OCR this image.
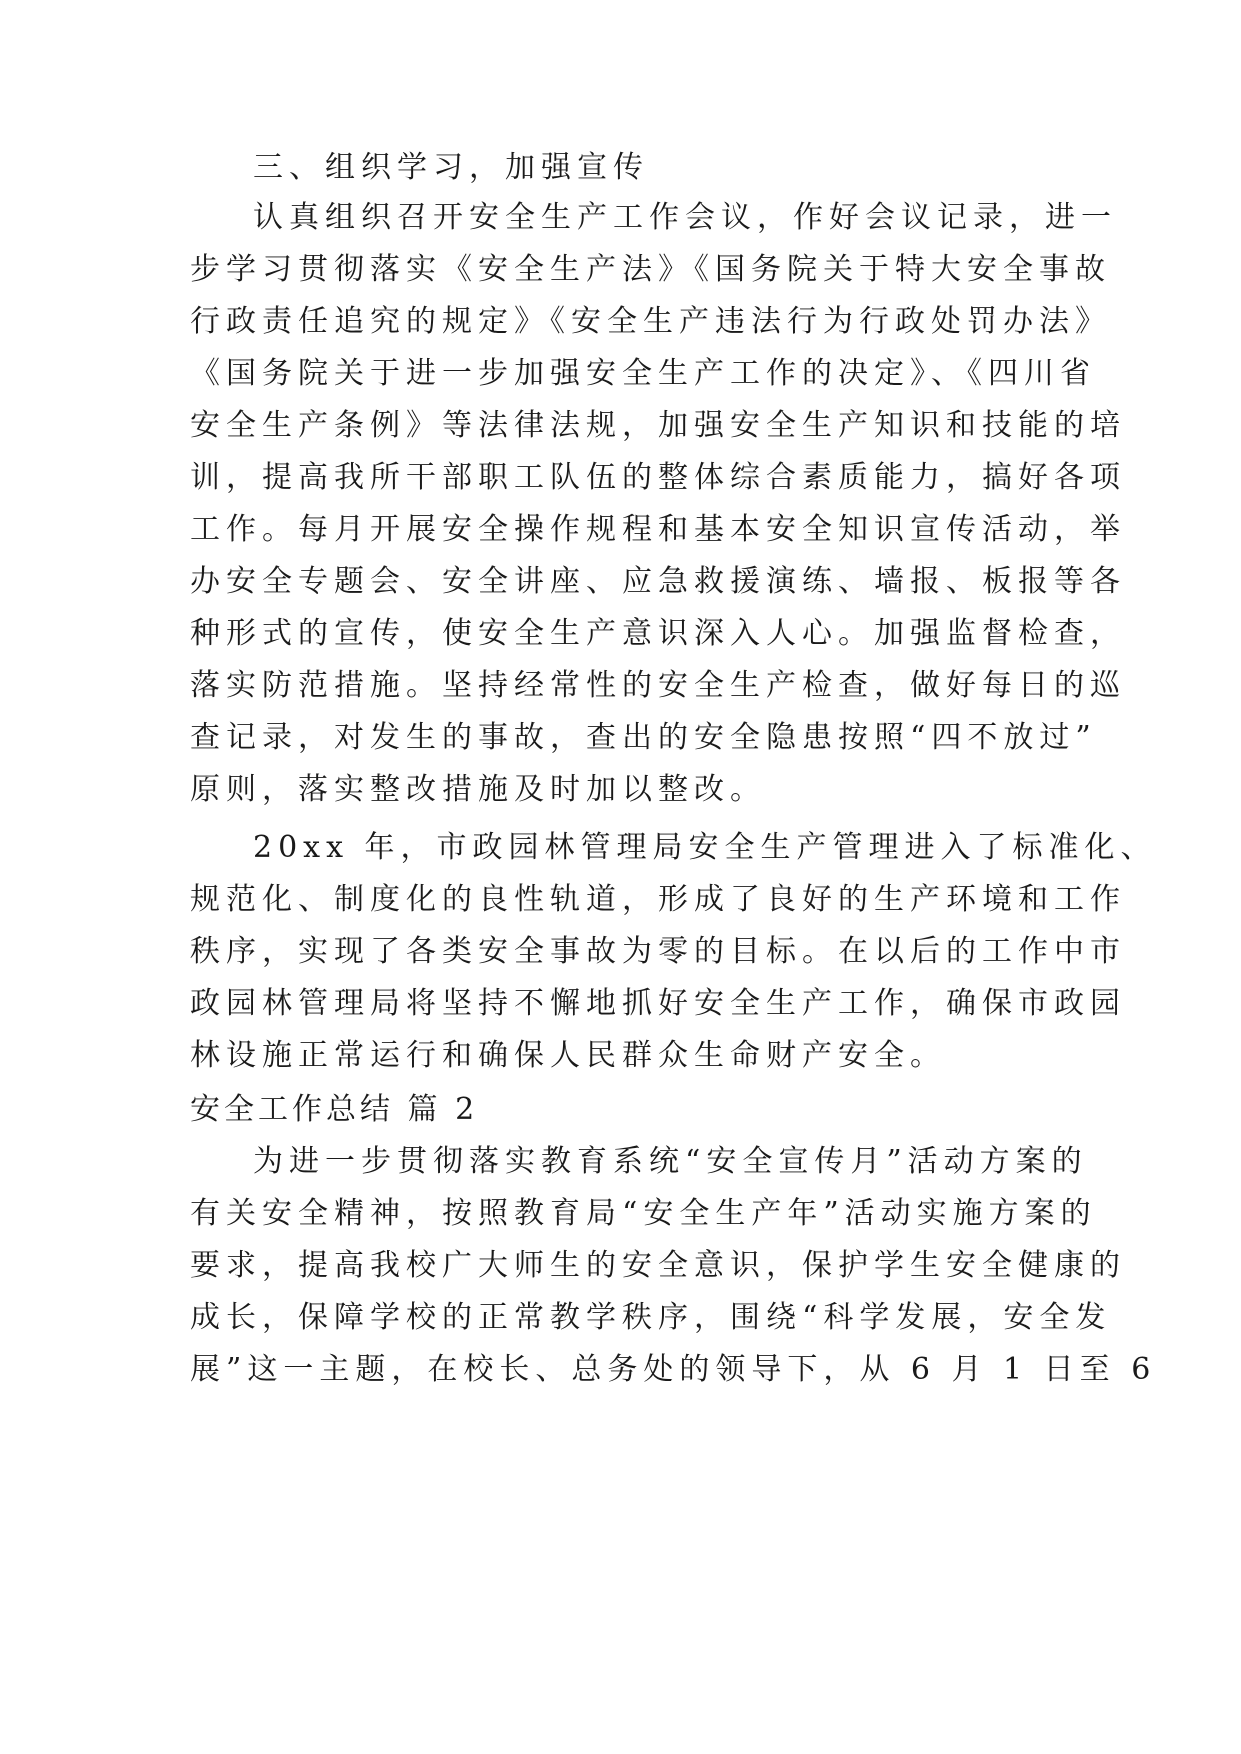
三、组织学习，加强宣传
认真组织召开安全生产工作会议，作好会议记录，进一
步学习贯彻落实《安全生产法》《国务院关于特大安全事故
行政责任追究的规定》《安全生产违法行为行政处罚办法》
《国务院关于进一步加强安全生产工作的决定》、《四川省
安全生产条例》等法律法规，加强安全生产知识和技能的培
训，提高我所干部职工队伍的整体综合素质能力，搞好各项
工作。每月开展安全操作规程和基本安全知识宣传活动，举
办安全专题会、安全讲座、应急救援演练、墙报、板报等各
种形式的宣传，使安全生产意识深入人心。加强监督检查，
落实防范措施。坚持经常性的安全生产检查，做好每日的巡
查记录，对发生的事故，查出的安全隐患按照“四不放过”
原则，落实整改措施及时加以整改。
20xx 年，市政园林管理局安全生产管理进入了标准化、
规范化、制度化的良性轨道，形成了良好的生产环境和工作
秩序，实现了各类安全事故为零的目标。在以后的工作中市
政园林管理局将坚持不懈地抓好安全生产工作，确保市政园
林设施正常运行和确保人民群众生命财产安全。
安全工作总结 篇 2
为进一步贯彻落实教育系统“安全宣传月”活动方案的
有关安全精神，按照教育局“安全生产年”活动实施方案的
要求，提高我校广大师生的安全意识，保护学生安全健康的
成长，保障学校的正常教学秩序，围绕“科学发展，安全发
展”这一主题，在校长、总务处的领导下，从 6 月 1 日至 6
